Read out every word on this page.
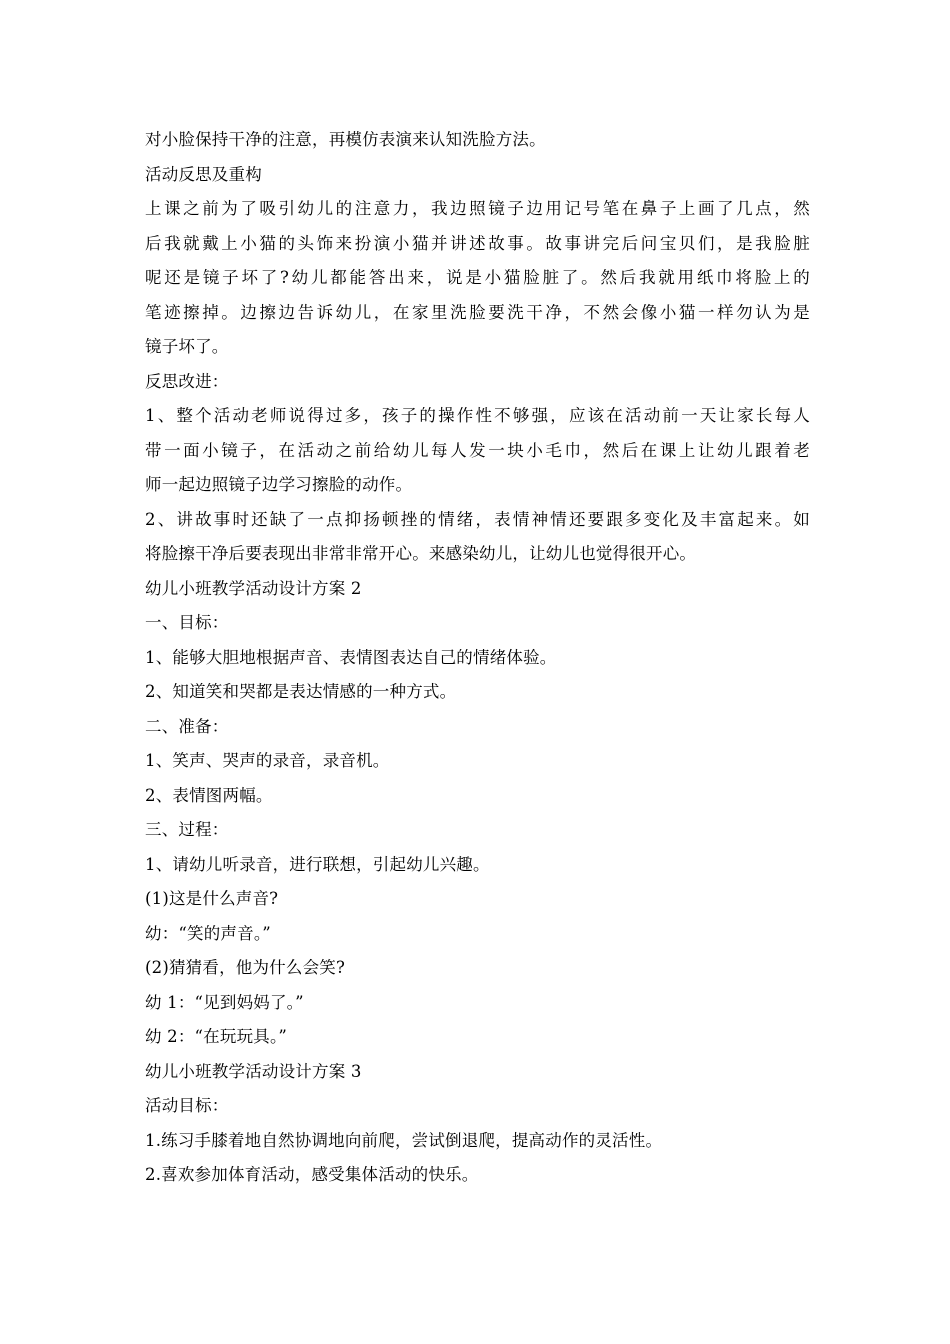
对小脸保持干净的注意，再模仿表演来认知洗脸方法。

活动反思及重构

上课之前为了吸引幼儿的注意力，我边照镜子边用记号笔在鼻子上画了几点，然
后我就戴上小猫的头饰来扮演小猫并讲述故事。故事讲完后问宝贝们，是我脸脏
呢还是镜子坏了?幼儿都能答出来，说是小猫脸脏了。然后我就用纸巾将脸上的
笔迹擦掉。边擦边告诉幼儿，在家里洗脸要洗干净，不然会像小猫一样勿认为是
镜子坏了。

反思改进：

1、整个活动老师说得过多，孩子的操作性不够强，应该在活动前一天让家长每人
带一面小镜子，在活动之前给幼儿每人发一块小毛巾，然后在课上让幼儿跟着老
师一起边照镜子边学习擦脸的动作。
2、讲故事时还缺了一点抑扬顿挫的情绪，表情神情还要跟多变化及丰富起来。如
将脸擦干净后要表现出非常非常开心。来感染幼儿，让幼儿也觉得很开心。

幼儿小班教学活动设计方案 2

一、目标：

1、能够大胆地根据声音、表情图表达自己的情绪体验。

2、知道笑和哭都是表达情感的一种方式。

二、准备：

1、笑声、哭声的录音，录音机。

2、表情图两幅。

三、过程：

1、请幼儿听录音，进行联想，引起幼儿兴趣。

(1)这是什么声音?

幼：“笑的声音。”

(2)猜猜看，他为什么会笑?

幼 1：“见到妈妈了。”

幼 2：“在玩玩具。”

幼儿小班教学活动设计方案 3

活动目标：

1.练习手膝着地自然协调地向前爬，尝试倒退爬，提高动作的灵活性。

2.喜欢参加体育活动，感受集体活动的快乐。
